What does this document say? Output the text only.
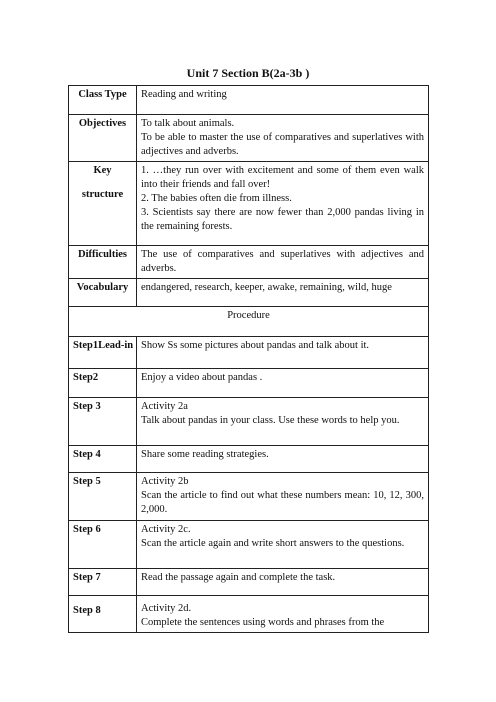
Unit 7 Section B(2a-3b )
Class Type	Reading and writing
Objectives	To talk about animals.
To be able to master the use of comparatives and superlatives with adjectives and adverbs.

Key
structure	1. …they run over with excitement and some of them even walk into their friends and fall over!
2. The babies often die from illness.
3. Scientists say there are now fewer than 2,000 pandas living in the remaining forests.

Difficulties	The use of comparatives and superlatives with adjectives and adverbs.
Vocabulary	endangered, research, keeper, awake, remaining, wild, huge
Procedure	
Step1Lead-in	Show Ss some pictures about pandas and talk about it.
Step2	Enjoy a video about pandas .
Step 3	Activity 2a
Talk about pandas in your class. Use these words to help you.

Step 4	Share some reading strategies.
Step 5	Activity 2b
Scan the article to find out what these numbers mean: 10, 12, 300, 2,000.

Step 6	Activity 2c.
Scan the article again and write short answers to the questions.

Step 7	Read the passage again and complete the task.
Step 8	Activity 2d.
Complete the sentences using words and phrases from the
